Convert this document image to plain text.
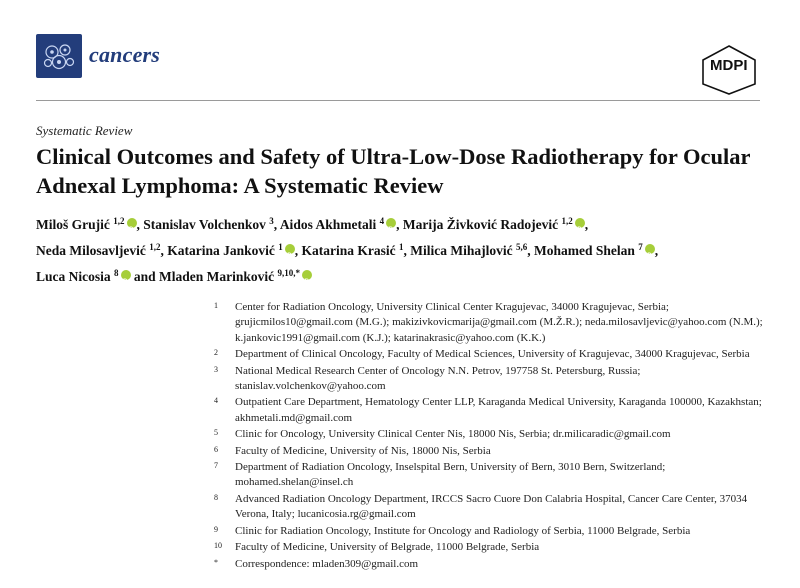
cancers	MDPI
Systematic Review
Clinical Outcomes and Safety of Ultra-Low-Dose Radiotherapy for Ocular Adnexal Lymphoma: A Systematic Review
Miloš Grujić $^{1,2}$ iD , Stanislav Volchenkov $^3$, Aidos Akhmetali $^4$ iD , Marija Živković Radojević $^{1,2}$ iD ,
Neda Milosavljević $^{1,2}$, Katarina Janković $^1$ iD , Katarina Krasić $^1$, Milica Mihajlović $^{5,6}$, Mohamed Shelan $^7$ iD ,
Luca Nicosia $^8$iD and Mladen Marinković $^{9,10,*}$iD
1 Center for Radiation Oncology, University Clinical Center Kragujevac, 34000 Kragujevac, Serbia; grujicmilos10@gmail.com (M.G.); makizivkovicmarija@gmail.com (M.Ž.R.); neda.milosavljevic@yahoo.com (N.M.); k.jankovic1991@gmail.com (K.J.); katarinakrasic@yahoo.com (K.K.)
2 Department of Clinical Oncology, Faculty of Medical Sciences, University of Kragujevac, 34000 Kragujevac, Serbia
3 National Medical Research Center of Oncology N.N. Petrov, 197758 St. Petersburg, Russia; stanislav.volchenkov@yahoo.com
4 Outpatient Care Department, Hematology Center LLP, Karaganda Medical University, Karaganda 100000, Kazakhstan; akhmetali.md@gmail.com
5 Clinic for Oncology, University Clinical Center Nis, 18000 Nis, Serbia; dr.milicaradic@gmail.com
6 Faculty of Medicine, University of Nis, 18000 Nis, Serbia
7 Department of Radiation Oncology, Inselspital Bern, University of Bern, 3010 Bern, Switzerland; mohamed.shelan@insel.ch
8 Advanced Radiation Oncology Department, IRCCS Sacro Cuore Don Calabria Hospital, Cancer Care Center, 37034 Verona, Italy; lucanicosia.rg@gmail.com
9 Clinic for Radiation Oncology, Institute for Oncology and Radiology of Serbia, 11000 Belgrade, Serbia
10 Faculty of Medicine, University of Belgrade, 11000 Belgrade, Serbia
* Correspondence: mladen309@gmail.com
